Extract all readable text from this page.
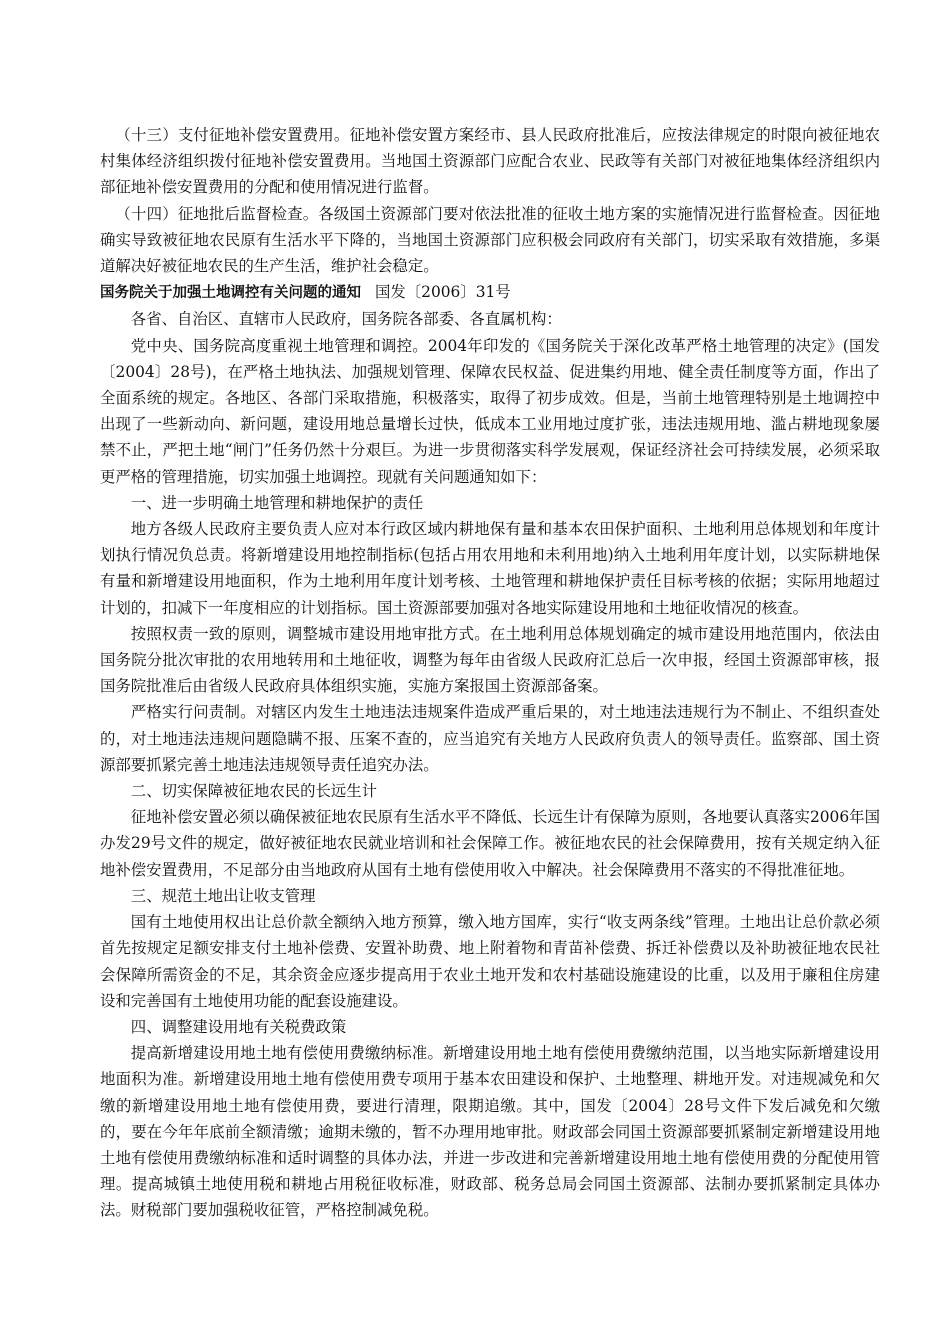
（十三）支付征地补偿安置费用。征地补偿安置方案经市、县人民政府批准后，应按法律规定的时限向被征地农村集体经济组织拨付征地补偿安置费用。当地国土资源部门应配合农业、民政等有关部门对被征地集体经济组织内部征地补偿安置费用的分配和使用情况进行监督。

（十四）征地批后监督检查。各级国土资源部门要对依法批准的征收土地方案的实施情况进行监督检查。因征地确实导致被征地农民原有生活水平下降的，当地国土资源部门应积极会同政府有关部门，切实采取有效措施，多渠道解决好被征地农民的生产生活，维护社会稳定。

国务院关于加强土地调控有关问题的通知 国发〔2006〕31号

各省、自治区、直辖市人民政府，国务院各部委、各直属机构：

党中央、国务院高度重视土地管理和调控。2004年印发的《国务院关于深化改革严格土地管理的决定》(国发〔2004〕28号)，在严格土地执法、加强规划管理、保障农民权益、促进集约用地、健全责任制度等方面，作出了全面系统的规定。各地区、各部门采取措施，积极落实，取得了初步成效。但是，当前土地管理特别是土地调控中出现了一些新动向、新问题，建设用地总量增长过快，低成本工业用地过度扩张，违法违规用地、滥占耕地现象屡禁不止，严把土地“闸门”任务仍然十分艰巨。为进一步贯彻落实科学发展观，保证经济社会可持续发展，必须采取更严格的管理措施，切实加强土地调控。现就有关问题通知如下：

一、进一步明确土地管理和耕地保护的责任

地方各级人民政府主要负责人应对本行政区域内耕地保有量和基本农田保护面积、土地利用总体规划和年度计划执行情况负总责。将新增建设用地控制指标(包括占用农用地和未利用地)纳入土地利用年度计划，以实际耕地保有量和新增建设用地面积，作为土地利用年度计划考核、土地管理和耕地保护责任目标考核的依据；实际用地超过计划的，扣减下一年度相应的计划指标。国土资源部要加强对各地实际建设用地和土地征收情况的核查。

按照权责一致的原则，调整城市建设用地审批方式。在土地利用总体规划确定的城市建设用地范围内，依法由国务院分批次审批的农用地转用和土地征收，调整为每年由省级人民政府汇总后一次申报，经国土资源部审核，报国务院批准后由省级人民政府具体组织实施，实施方案报国土资源部备案。

严格实行问责制。对辖区内发生土地违法违规案件造成严重后果的，对土地违法违规行为不制止、不组织查处的，对土地违法违规问题隐瞒不报、压案不查的，应当追究有关地方人民政府负责人的领导责任。监察部、国土资源部要抓紧完善土地违法违规领导责任追究办法。

二、切实保障被征地农民的长远生计

征地补偿安置必须以确保被征地农民原有生活水平不降低、长远生计有保障为原则，各地要认真落实2006年国办发29号文件的规定，做好被征地农民就业培训和社会保障工作。被征地农民的社会保障费用，按有关规定纳入征地补偿安置费用，不足部分由当地政府从国有土地有偿使用收入中解决。社会保障费用不落实的不得批准征地。

三、规范土地出让收支管理

国有土地使用权出让总价款全额纳入地方预算，缴入地方国库，实行“收支两条线”管理。土地出让总价款必须首先按规定足额安排支付土地补偿费、安置补助费、地上附着物和青苗补偿费、拆迁补偿费以及补助被征地农民社会保障所需资金的不足，其余资金应逐步提高用于农业土地开发和农村基础设施建设的比重，以及用于廉租住房建设和完善国有土地使用功能的配套设施建设。

四、调整建设用地有关税费政策

提高新增建设用地土地有偿使用费缴纳标准。新增建设用地土地有偿使用费缴纳范围，以当地实际新增建设用地面积为准。新增建设用地土地有偿使用费专项用于基本农田建设和保护、土地整理、耕地开发。对违规减免和欠缴的新增建设用地土地有偿使用费，要进行清理，限期追缴。其中，国发〔2004〕28号文件下发后减免和欠缴的，要在今年年底前全额清缴；逾期未缴的，暂不办理用地审批。财政部会同国土资源部要抓紧制定新增建设用地土地有偿使用费缴纳标准和适时调整的具体办法，并进一步改进和完善新增建设用地土地有偿使用费的分配使用管理。提高城镇土地使用税和耕地占用税征收标准，财政部、税务总局会同国土资源部、法制办要抓紧制定具体办法。财税部门要加强税收征管，严格控制减免税。
